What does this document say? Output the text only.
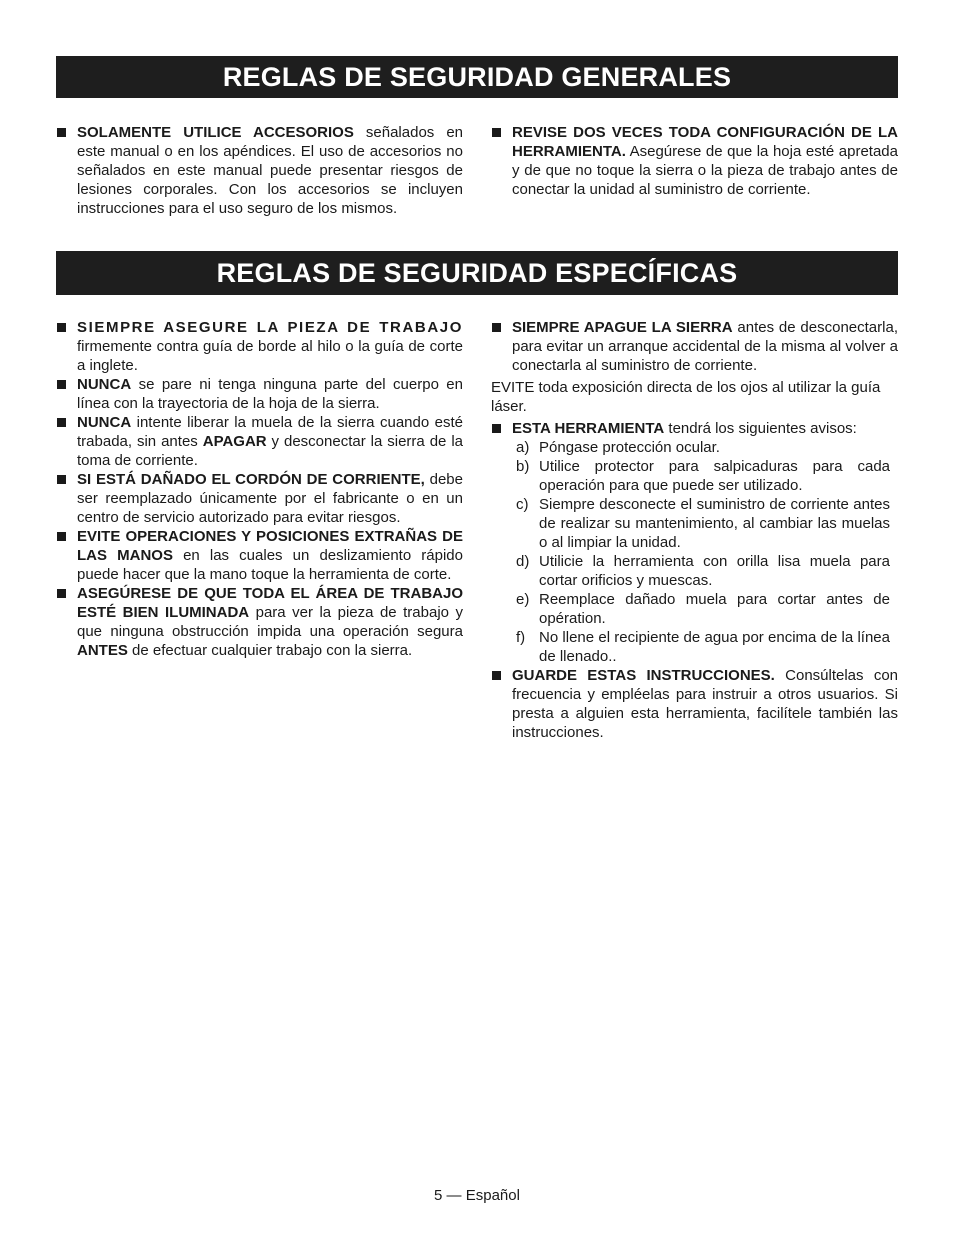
REGLAS DE SEGURIDAD GENERALES

SOLAMENTE UTILICE ACCESORIOS señalados en este manual o en los apéndices. El uso de accesorios no señalados en este manual puede presentar riesgos de lesiones corporales. Con los accesorios se incluyen instrucciones para el uso seguro de los mismos.

REVISE DOS VECES TODA CONFIGURACIÓN DE LA HERRAMIENTA. Asegúrese de que la hoja esté apretada y de que no toque la sierra o la pieza de trabajo antes de conectar la unidad al suministro de corriente.

REGLAS DE SEGURIDAD ESPECÍFICAS

SIEMPRE ASEGURE LA PIEZA DE TRABAJO firmemente contra guía de borde al hilo o la guía de corte a inglete.

NUNCA se pare ni tenga ninguna parte del cuerpo en línea con la trayectoria de la hoja de la sierra.

NUNCA intente liberar la muela de la sierra cuando esté trabada, sin antes APAGAR y desconectar la sierra de la toma de corriente.

SI ESTÁ DAÑADO EL CORDÓN DE CORRIENTE, debe ser reemplazado únicamente por el fabricante o en un centro de servicio autorizado para evitar riesgos.

EVITE OPERACIONES Y POSICIONES EXTRAÑAS DE LAS MANOS en las cuales un deslizamiento rápido puede hacer que la mano toque la herramienta de corte.

ASEGÚRESE DE QUE TODA EL ÁREA DE TRABAJO ESTÉ BIEN ILUMINADA para ver la pieza de trabajo y que ninguna obstrucción impida una operación segura ANTES de efectuar cualquier trabajo con la sierra.

SIEMPRE APAGUE LA SIERRA antes de desconectarla, para evitar un arranque accidental de la misma al volver a conectarla al suministro de corriente.

EVITE toda exposición directa de los ojos al utilizar la guía láser.

ESTA HERRAMIENTA tendrá los siguientes avisos:

a) Póngase protección ocular.
b) Utilice protector para salpicaduras para cada operación para que puede ser utilizado.
c) Siempre desconecte el suministro de corriente antes de realizar su mantenimiento, al cambiar las muelas o al limpiar la unidad.
d) Utilicie la herramienta con orilla lisa muela para cortar orificios y muescas.
e) Reemplace dañado muela para cortar antes de opération.
f) No llene el recipiente de agua por encima de la línea de llenado..

GUARDE ESTAS INSTRUCCIONES. Consúltelas con frecuencia y empléelas para instruir a otros usuarios. Si presta a alguien esta herramienta, facilítele también las instrucciones.

5 — Español
